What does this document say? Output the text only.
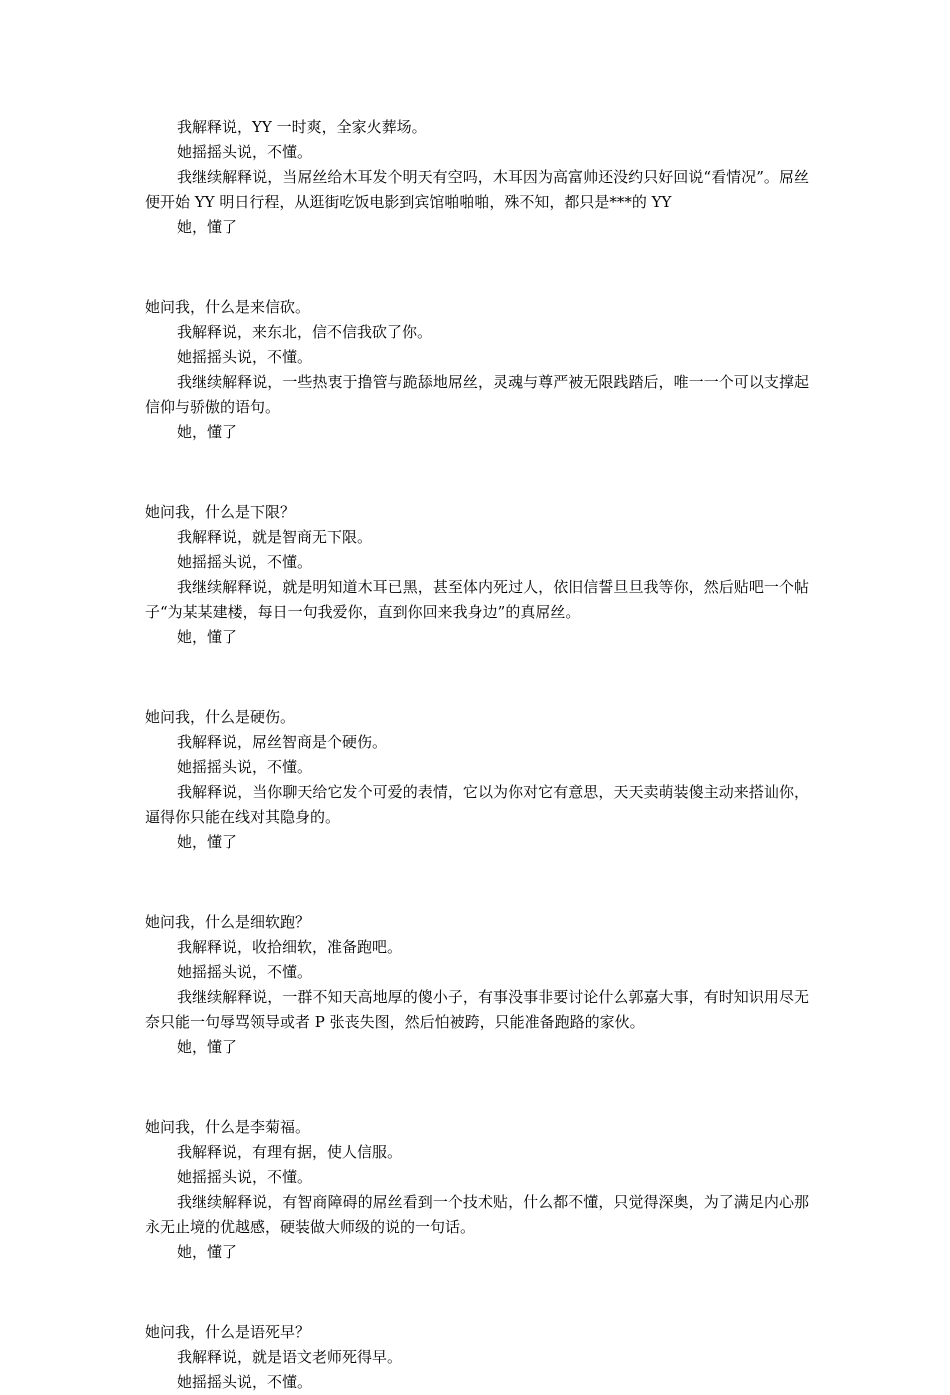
我解释说，YY 一时爽，全家火葬场。

她摇摇头说，不懂。

我继续解释说，当屌丝给木耳发个明天有空吗，木耳因为高富帅还没约只好回说“看情况”。屌丝便开始 YY 明日行程，从逛街吃饭电影到宾馆啪啪啪，殊不知，都只是***的 YY

她，懂了

她问我，什么是来信砍。

我解释说，来东北，信不信我砍了你。

她摇摇头说，不懂。

我继续解释说，一些热衷于撸管与跪舔地屌丝，灵魂与尊严被无限践踏后，唯一一个可以支撑起信仰与骄傲的语句。

她，懂了

她问我，什么是下限？

我解释说，就是智商无下限。

她摇摇头说，不懂。

我继续解释说，就是明知道木耳已黑，甚至体内死过人，依旧信誓旦旦我等你，然后贴吧一个帖子“为某某建楼，每日一句我爱你，直到你回来我身边”的真屌丝。

她，懂了

她问我，什么是硬伤。

我解释说，屌丝智商是个硬伤。

她摇摇头说，不懂。

我解释说，当你聊天给它发个可爱的表情，它以为你对它有意思，天天卖萌装傻主动来搭讪你，逼得你只能在线对其隐身的。

她，懂了

她问我，什么是细软跑？

我解释说，收拾细软，准备跑吧。

她摇摇头说，不懂。

我继续解释说，一群不知天高地厚的傻小子，有事没事非要讨论什么郭嘉大事，有时知识用尽无奈只能一句辱骂领导或者 P 张丧失图，然后怕被跨，只能准备跑路的家伙。

她，懂了

她问我，什么是李菊福。

我解释说，有理有据，使人信服。

她摇摇头说，不懂。

我继续解释说，有智商障碍的屌丝看到一个技术贴，什么都不懂，只觉得深奥，为了满足内心那永无止境的优越感，硬装做大师级的说的一句话。

她，懂了

她问我，什么是语死早？

我解释说，就是语文老师死得早。

她摇摇头说，不懂。
